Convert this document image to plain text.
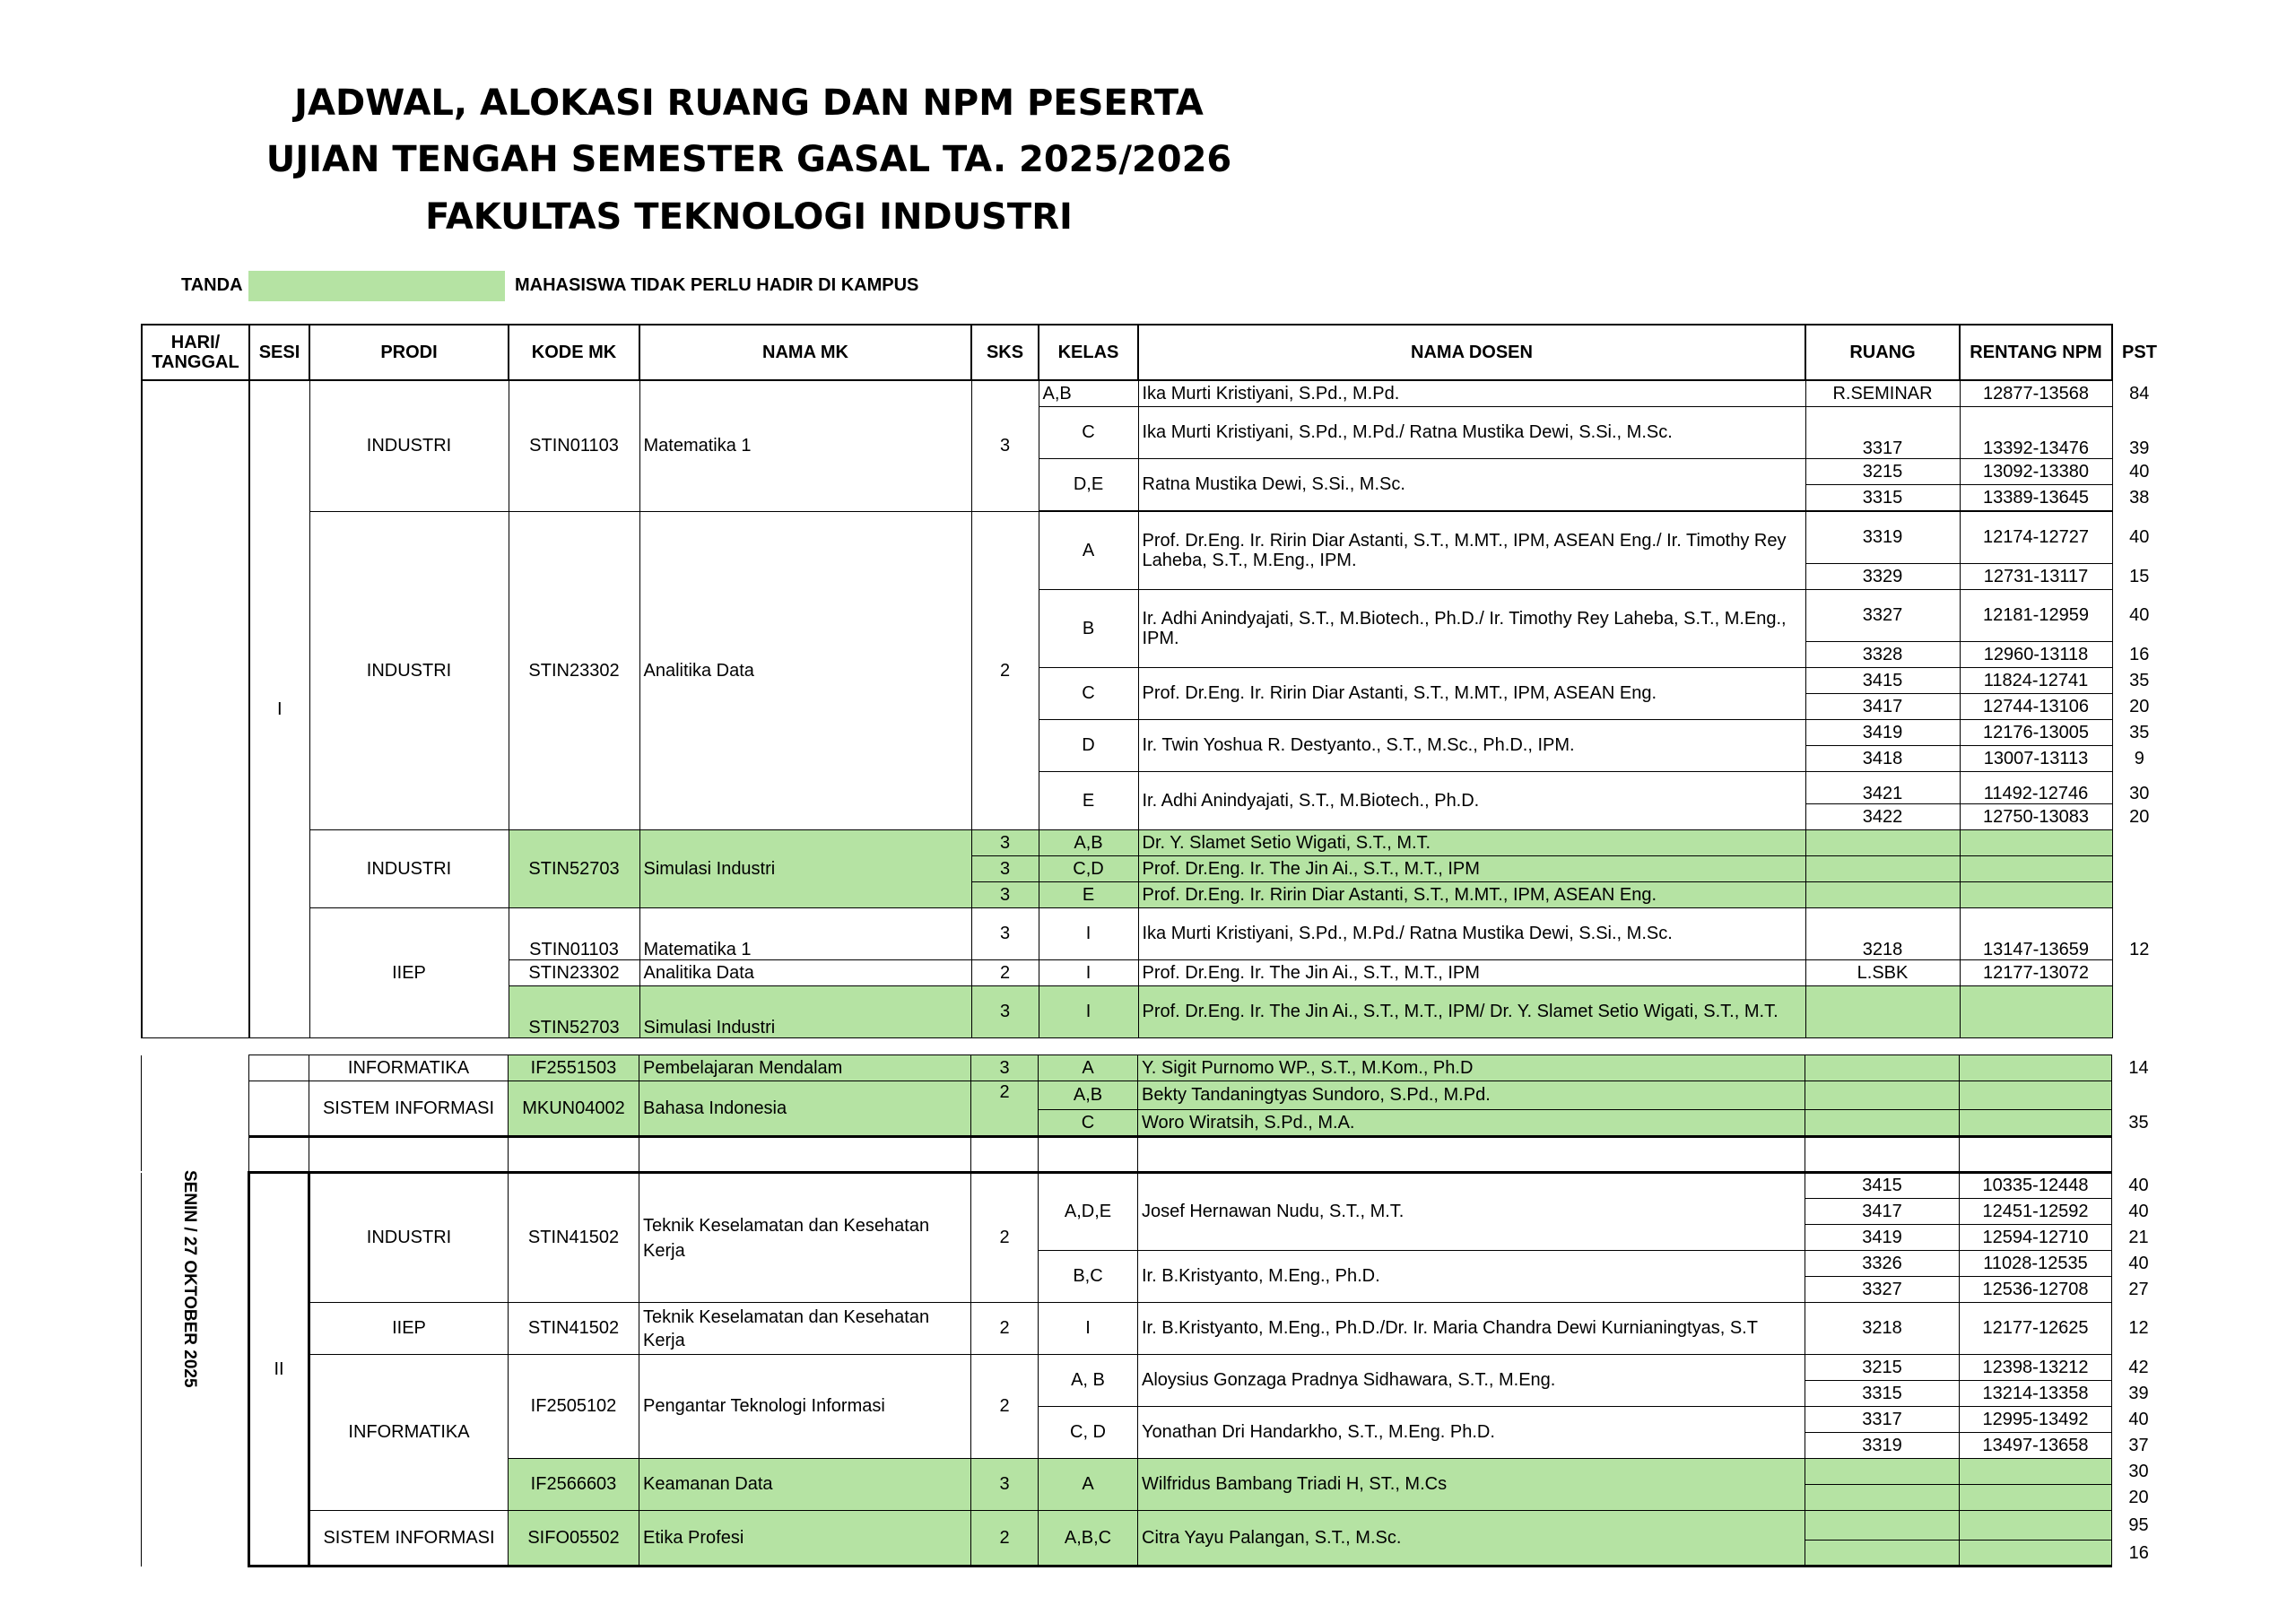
JADWAL, ALOKASI RUANG DAN NPM PESERTA
UJIAN TENGAH SEMESTER GASAL TA. 2025/2026
FAKULTAS TEKNOLOGI INDUSTRI
TANDA	MAHASISWA TIDAK PERLU HADIR DI KAMPUS
HARI/ TANGGAL	SESI	PRODI	KODE MK	NAMA MK	SKS	KELAS	NAMA DOSEN	RUANG	RENTANG NPM	PST
	I	INDUSTRI	STIN01103	Matematika 1	3	A,B	Ika Murti Kristiyani, S.Pd., M.Pd.	R.SEMINAR	12877-13568	84
						C	Ika Murti Kristiyani, S.Pd., M.Pd./ Ratna Mustika Dewi, S.Si., M.Sc.	3317	13392-13476	39
						D,E	Ratna Mustika Dewi, S.Si., M.Sc.	3215	13092-13380	40
								3315	13389-13645	38

		INDUSTRI	STIN23302	Analitika Data	2	A	Prof. Dr.Eng. Ir. Ririn Diar Astanti, S.T., M.MT., IPM, ASEAN Eng./ Ir. Timothy Rey Laheba, S.T., M.Eng., IPM.	3319	12174-12727	40
								3329	12731-13117	15
						B	Ir. Adhi Anindyajati, S.T., M.Biotech., Ph.D./ Ir. Timothy Rey Laheba, S.T., M.Eng., IPM.	3327	12181-12959	40
								3328	12960-13118	16
						C	Prof. Dr.Eng. Ir. Ririn Diar Astanti, S.T., M.MT., IPM, ASEAN Eng.	3415	11824-12741	35
								3417	12744-13106	20
						D	Ir. Twin Yoshua R. Destyanto., S.T., M.Sc., Ph.D., IPM.	3419	12176-13005	35
								3418	13007-13113	9
						E	Ir. Adhi Anindyajati, S.T., M.Biotech., Ph.D.	3421	11492-12746	30
								3422	12750-13083	20
		INDUSTRI	STIN52703	Simulasi Industri	3	A,B	Dr. Y. Slamet Setio Wigati, S.T., M.T.			
					3	C,D	Prof. Dr.Eng. Ir. The Jin Ai., S.T., M.T., IPM			
					3	E	Prof. Dr.Eng. Ir. Ririn Diar Astanti, S.T., M.MT., IPM, ASEAN Eng.			
		IIEP	STIN01103	Matematika 1	3	I	Ika Murti Kristiyani, S.Pd., M.Pd./ Ratna Mustika Dewi, S.Si., M.Sc.	3218	13147-13659	12
			STIN23302	Analitika Data	2	I	Prof. Dr.Eng. Ir. The Jin Ai., S.T., M.T., IPM	L.SBK	12177-13072	
			STIN52703	Simulasi Industri	3	I	Prof. Dr.Eng. Ir. The Jin Ai., S.T., M.T., IPM/ Dr. Y. Slamet Setio Wigati, S.T., M.T.			
		INFORMATIKA	IF2551503	Pembelajaran Mendalam	3	A	Y. Sigit Purnomo WP., S.T., M.Kom., Ph.D			14
		SISTEM INFORMASI	MKUN04002	Bahasa Indonesia	2	A,B	Bekty Tandaningtyas Sundoro, S.Pd., M.Pd.			
						C	Woro Wiratsih, S.Pd., M.A.			35

	II	INDUSTRI	STIN41502	Teknik Keselamatan dan Kesehatan Kerja	2	A,D,E	Josef Hernawan Nudu, S.T., M.T.	3415	10335-12448	40
								3417	12451-12592	40
								3419	12594-12710	21
						B,C	Ir. B.Kristyanto, M.Eng., Ph.D.	3326	11028-12535	40
								3327	12536-12708	27
		IIEP	STIN41502	Teknik Keselamatan dan Kesehatan Kerja	2	I	Ir. B.Kristyanto, M.Eng., Ph.D./Dr. Ir. Maria Chandra Dewi Kurnianingtyas, S.T	3218	12177-12625	12
		INFORMATIKA	IF2505102	Pengantar Teknologi Informasi	2	A, B	Aloysius Gonzaga Pradnya Sidhawara, S.T., M.Eng.	3215	12398-13212	42
								3315	13214-13358	39
						C, D	Yonathan Dri Handarkho, S.T., M.Eng. Ph.D.	3317	12995-13492	40
								3319	13497-13658	37
			IF2566603	Keamanan Data	3	A	Wilfridus Bambang Triadi H, ST., M.Cs			30
										20
		SISTEM INFORMASI	SIFO05502	Etika Profesi	2	A,B,C	Citra Yayu Palangan, S.T., M.Sc.			95
										16
SENIN / 27 OKTOBER 2025
